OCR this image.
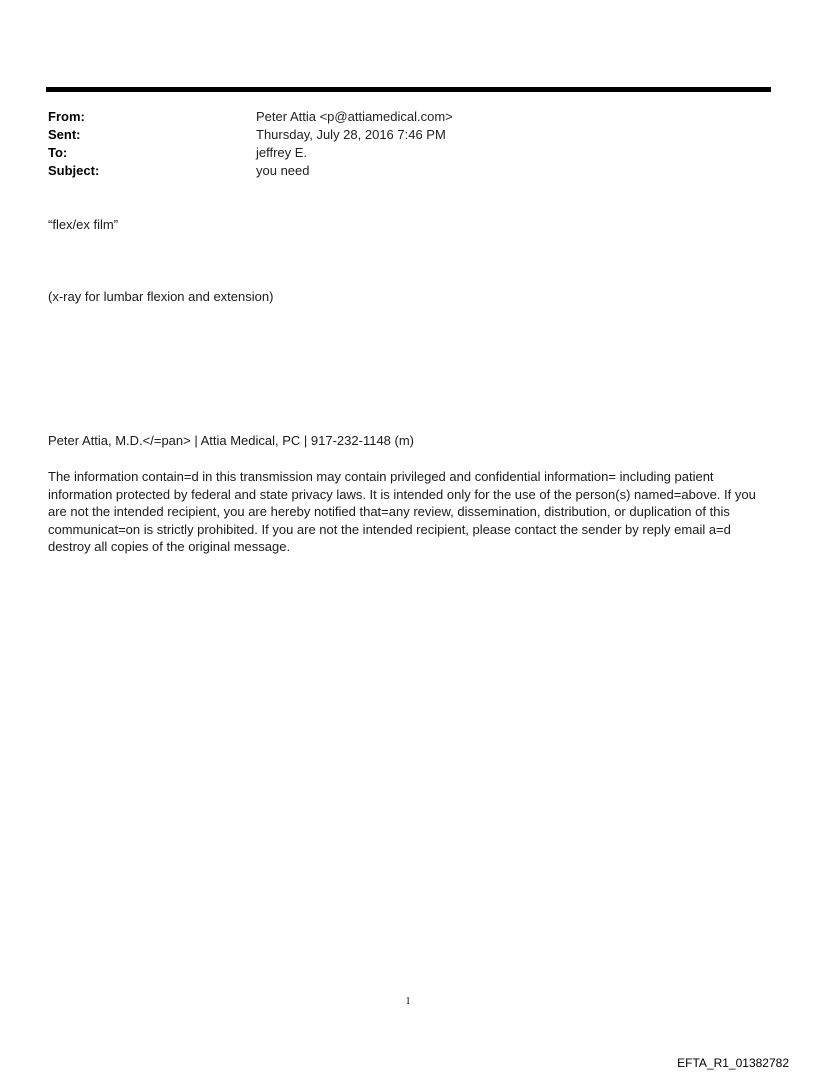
From:	Peter Attia <p@attiamedical.com>
Sent:	Thursday, July 28, 2016 7:46 PM
To:	jeffrey E.
Subject:	you need
“flex/ex film”
(x-ray for lumbar flexion and extension)
Peter Attia, M.D.</=pan> | Attia Medical, PC | 917-232-1148 (m)
The information contain=d in this transmission may contain privileged and confidential information= including patient information protected by federal and state privacy laws. It is intended only for the use of the person(s) named=above. If you are not the intended recipient, you are hereby notified that=any review, dissemination, distribution, or duplication of this communicat=on is strictly prohibited. If you are not the intended recipient, please contact the sender by reply email a=d destroy all copies of the original message.
1
EFTA_R1_01382782
